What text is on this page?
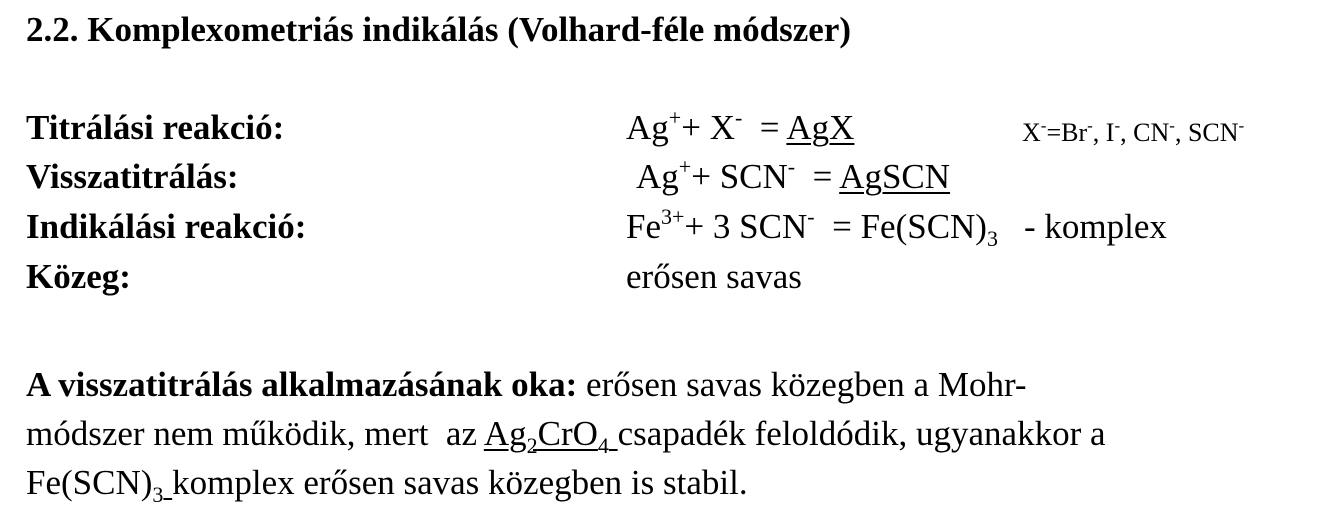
2.2. Komplexometriás indikálás (Volhard-féle módszer)
Titrálási reakció:	Ag++ X-  = AgX	X-=Br-, I-, CN-, SCN-
Visszatitrálás:	Ag++ SCN-  = AgSCN
Indikálási reakció:	$Fe^{3+}+ 3$ $SCN^- = Fe(SCN)_3$ - komplex
Közeg:	erősen savas
A visszatitrálás alkalmazásának oka: erősen savas közegben a Mohr-
módszer nem működik, mert  az $Ag_2CrO_4$ csapadék feloldódik, ugyanakkor a
$Fe(SCN)_3$ komplex erősen savas közegben is stabil.
